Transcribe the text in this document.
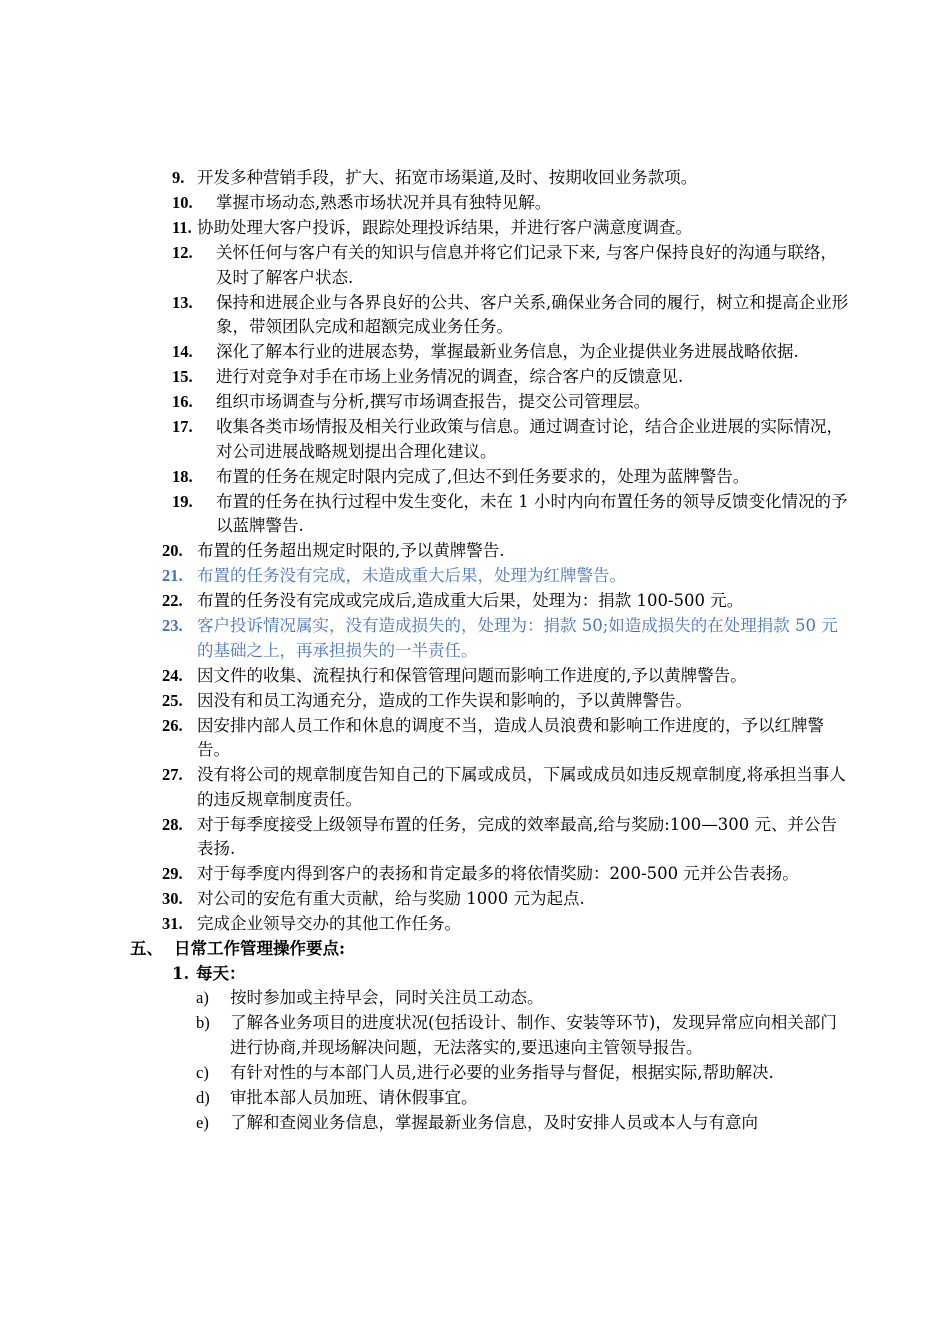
9. 开发多种营销手段，扩大、拓宽市场渠道,及时、按期收回业务款项。
10. 掌握市场动态,熟悉市场状况并具有独特见解。
11. 协助处理大客户投诉，跟踪处理投诉结果，并进行客户满意度调查。
12. 关怀任何与客户有关的知识与信息并将它们记录下来, 与客户保持良好的沟通与联络，及时了解客户状态.
13. 保持和进展企业与各界良好的公共、客户关系,确保业务合同的履行，树立和提高企业形象，带领团队完成和超额完成业务任务。
14. 深化了解本行业的进展态势，掌握最新业务信息，为企业提供业务进展战略依据.
15. 进行对竞争对手在市场上业务情况的调查，综合客户的反馈意见.
16. 组织市场调查与分析,撰写市场调查报告，提交公司管理层。
17. 收集各类市场情报及相关行业政策与信息。通过调查讨论，结合企业进展的实际情况，对公司进展战略规划提出合理化建议。
18. 布置的任务在规定时限内完成了,但达不到任务要求的，处理为蓝牌警告。
19. 布置的任务在执行过程中发生变化，未在 1 小时内向布置任务的领导反馈变化情况的予以蓝牌警告.
20. 布置的任务超出规定时限的,予以黄牌警告.
21. 布置的任务没有完成，未造成重大后果，处理为红牌警告。
22. 布置的任务没有完成或完成后,造成重大后果，处理为：捐款 100-500 元。
23. 客户投诉情况属实，没有造成损失的，处理为：捐款 50;如造成损失的在处理捐款 50 元的基础之上，再承担损失的一半责任。
24. 因文件的收集、流程执行和保管管理问题而影响工作进度的,予以黄牌警告。
25. 因没有和员工沟通充分，造成的工作失误和影响的，予以黄牌警告。
26. 因安排内部人员工作和休息的调度不当，造成人员浪费和影响工作进度的，予以红牌警告。
27. 没有将公司的规章制度告知自己的下属或成员，下属或成员如违反规章制度,将承担当事人的违反规章制度责任。
28. 对于每季度接受上级领导布置的任务，完成的效率最高,给与奖励:100—300 元、并公告表扬.
29. 对于每季度内得到客户的表扬和肯定最多的将依情奖励：200-500 元并公告表扬。
30. 对公司的安危有重大贡献，给与奖励 1000 元为起点.
31. 完成企业领导交办的其他工作任务。
五、 日常工作管理操作要点:

1. 每天：

a) 按时参加或主持早会，同时关注员工动态。
b) 了解各业务项目的进度状况(包括设计、制作、安装等环节)，发现异常应向相关部门进行协商,并现场解决问题，无法落实的,要迅速向主管领导报告。
c) 有针对性的与本部门人员,进行必要的业务指导与督促，根据实际,帮助解决.
d) 审批本部人员加班、请休假事宜。
e) 了解和查阅业务信息，掌握最新业务信息，及时安排人员或本人与有意向
